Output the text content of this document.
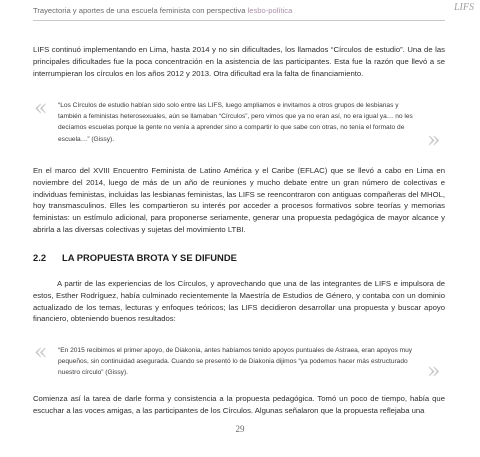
Trayectoria y aportes de una escuela feminista con perspectiva lesbo-política	LIFS
LIFS continuó implementando en Lima, hasta 2014 y no sin dificultades, los llamados “Círculos de estudio”. Una de las principales dificultades fue la poca concentración en la asistencia de las participantes. Esta fue la razón que llevó a se interrumpieran los círculos en los años 2012 y 2013. Otra dificultad era la falta de financiamiento.
« “Los Círculos de estudio habían sido solo entre las LIFS, luego ampliamos e invitamos a otros grupos de lesbianas y también a feministas heterosexuales, aún se llamaban “Círculos”, pero vimos que ya no eran así, no era igual ya… no les decíamos escuelas porque la gente no venía a aprender sino a compartir lo que sabe con otras, no tenía el formato de escuela…” (Gissy).	»
En el marco del XVIII Encuentro Feminista de Latino América y el Caribe (EFLAC) que se llevó a cabo en Lima en noviembre del 2014, luego de más de un año de reuniones y mucho debate entre un gran número de colectivas e individuas feministas, incluidas las lesbianas feministas, las LIFS se reencontraron con antiguas compañeras del MHOL, hoy transmasculinos. Elles les compartieron su interés por acceder a procesos formativos sobre teorías y memorias feministas: un estímulo adicional, para proponerse seriamente, generar una propuesta pedagógica de mayor alcance y abrirla a las diversas colectivas y sujetas del movimiento LTBI.
2.2 LA PROPUESTA BROTA Y SE DIFUNDE
A partir de las experiencias de los Círculos, y aprovechando que una de las integrantes de LIFS e impulsora de estos, Esther Rodríguez, había culminado recientemente la Maestría de Estudios de Género, y contaba con un dominio actualizado de los temas, lecturas y enfoques teóricos; las LIFS decidieron desarrollar una propuesta y buscar apoyo financiero, obteniendo buenos resultados:
« “En 2015 recibimos el primer apoyo, de Diakonia, antes habíamos tenido apoyos puntuales de Astraea, eran apoyos muy pequeños, sin continuidad asegurada. Cuando se presentó lo de Diakonia dijimos “ya podemos hacer más estructurado nuestro círculo” (Gissy).	»
Comienza así la tarea de darle forma y consistencia a la propuesta pedagógica. Tomó un poco de tiempo, había que escuchar a las voces amigas, a las participantes de los Círculos. Algunas señalaron que la propuesta reflejaba una
29
